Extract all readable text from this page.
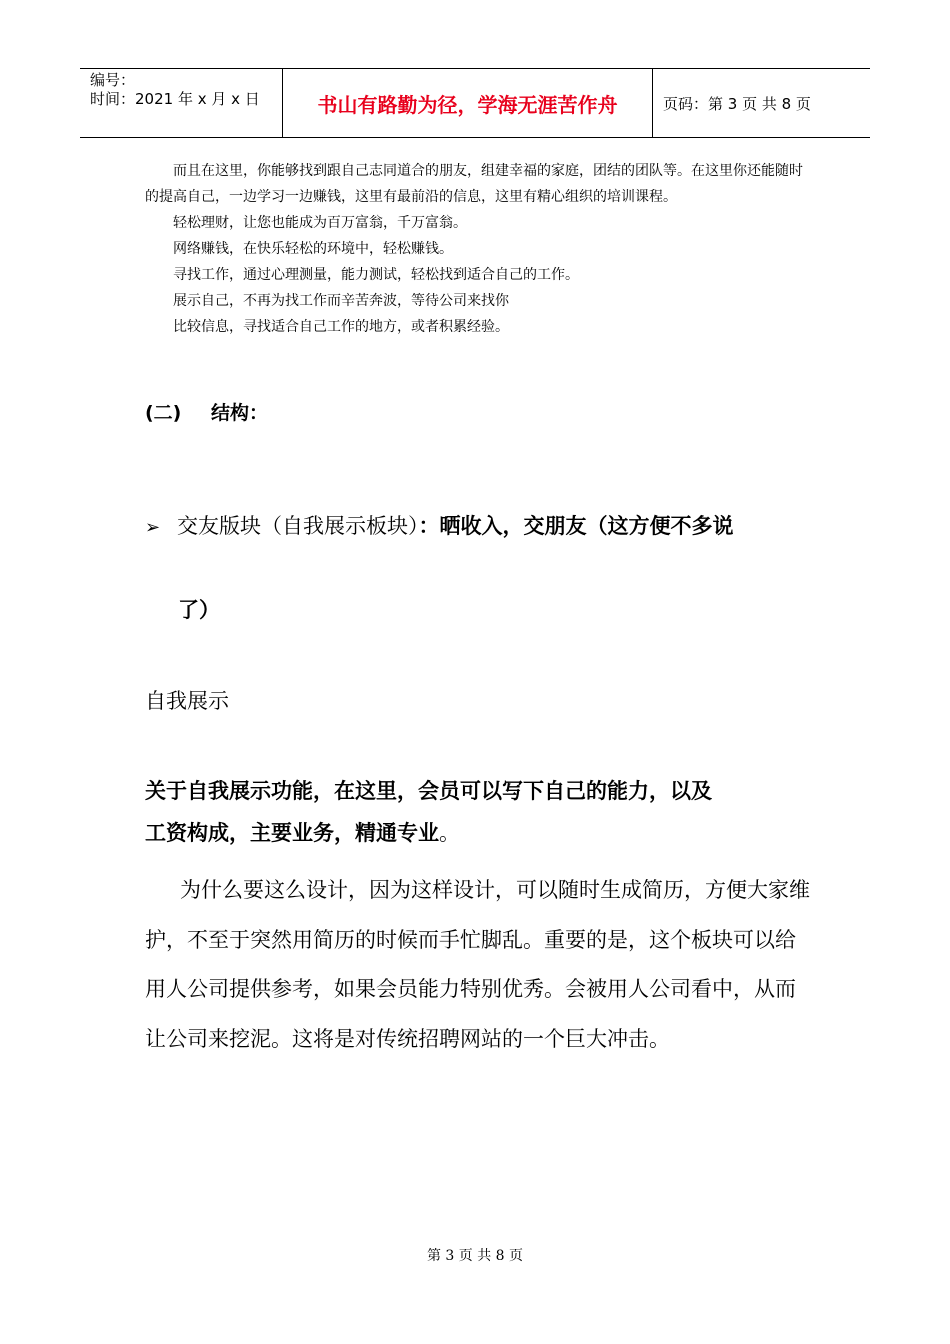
编号：
时间：2021 年 x 月 x 日	书山有路勤为径，学海无涯苦作舟	页码：第 3 页 共 8 页

而且在这里，你能够找到跟自己志同道合的朋友，组建幸福的家庭，团结的团队等。在这里你还能随时的提高自己，一边学习一边赚钱，这里有最前沿的信息，这里有精心组织的培训课程。

轻松理财，让您也能成为百万富翁，千万富翁。

网络赚钱，在快乐轻松的环境中，轻松赚钱。

寻找工作，通过心理测量，能力测试，轻松找到适合自己的工作。

展示自己，不再为找工作而辛苦奔波，等待公司来找你

比较信息，寻找适合自己工作的地方，或者积累经验。

(二) 结构：
➢ 交友版块（自我展示板块）：晒收入，交朋友（这方便不多说
了）
自我展示

关于自我展示功能，在这里，会员可以写下自己的能力，以及

工资构成，主要业务，精通专业。

为什么要这么设计，因为这样设计，可以随时生成简历，方便大家维护，不至于突然用简历的时候而手忙脚乱。重要的是，这个板块可以给用人公司提供参考，如果会员能力特别优秀。会被用人公司看中，从而让公司来挖泥。这将是对传统招聘网站的一个巨大冲击。

第 3 页 共 8 页
